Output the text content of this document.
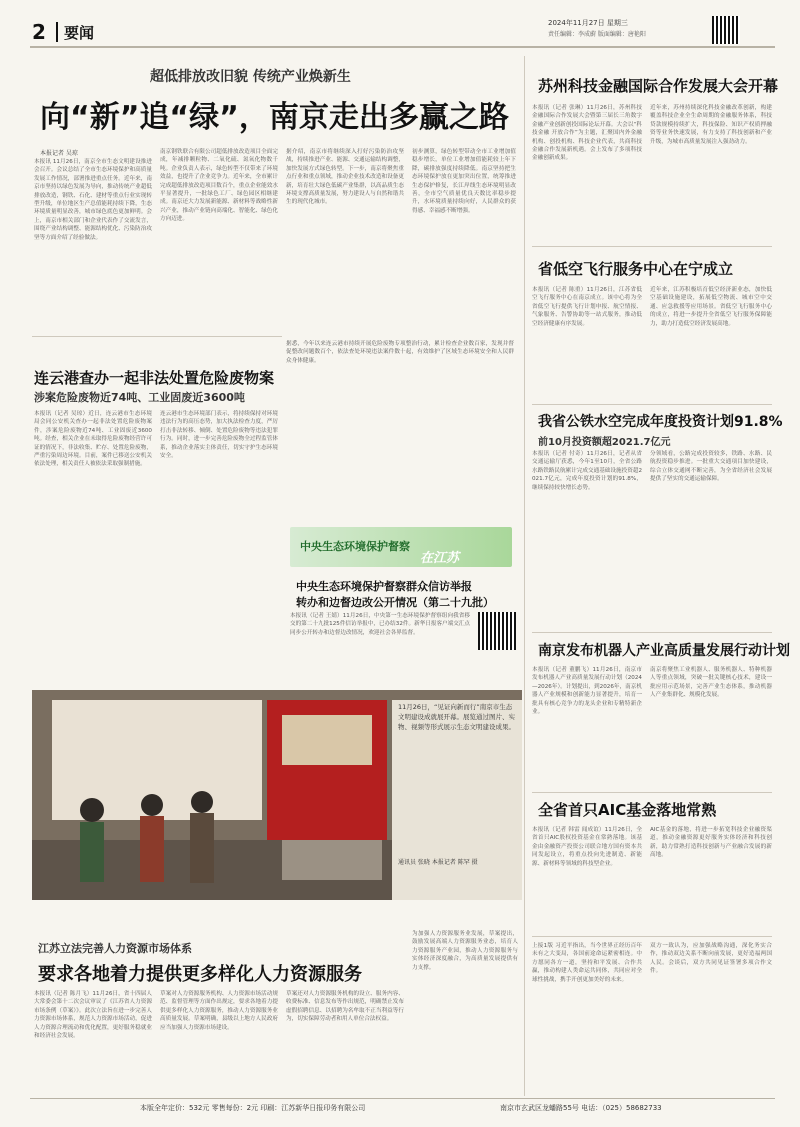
2 要闻
2024年11月27日 星期三
责任编辑：李成蔚 版面编辑：唐艳阳
超低排放改旧貌 传统产业焕新生
向“新”追“绿”，南京走出多赢之路
本报记者 吴琼
本报讯 11月26日，南京全市生态文明建设推进会召开。会议总结了全市生态环境保护和高质量发展工作情况，部署推进重点任务。近年来，南京市坚持以绿色发展为导向，推动传统产业超低排放改造，钢铁、石化、建材等重点行业实现转型升级，单位地区生产总值能耗持续下降，生态环境质量明显改善，城市绿色底色更加鲜明。会上，南京市相关部门和企业代表作了交流发言，围绕产业结构调整、能源结构优化、污染防治攻坚等方面介绍了经验做法。
南京钢铁联合有限公司超低排放改造项目全面完成，年减排颗粒物、二氧化硫、氮氧化物数千吨。企业负责人表示，绿色转型不仅带来了环境效益，也提升了企业竞争力。近年来，全市累计完成超低排放改造项目数百个，重点企业能效水平显著提升，一批绿色工厂、绿色园区相继建成。南京还大力发展新能源、新材料等战略性新兴产业，推动产业链向高端化、智能化、绿色化方向迈进。
据介绍，南京市将继续深入打好污染防治攻坚战，持续推进产业、能源、交通运输结构调整，加快发展方式绿色转型。下一步，南京将聚焦重点行业和重点领域，推动企业技术改造和设备更新，培育壮大绿色低碳产业集群，以高品质生态环境支撑高质量发展，努力建设人与自然和谐共生的现代化城市。
初步测算，绿色转型带动全市工业增加值稳步增长，单位工业增加值能耗较上年下降，碳排放强度持续降低。南京坚持把生态环境保护放在更加突出位置，统筹推进生态保护修复，长江岸线生态环境明显改善，全市空气质量优良天数比率稳步提升，水环境质量持续向好，人民群众的获得感、幸福感不断增强。
连云港查办一起非法处置危险废物案
涉案危险废物近74吨、工业固废近3600吨
本报讯（记者 吴琼）近日，连云港市生态环境局会同公安机关查办一起非法处置危险废物案件，涉案危险废物近74吨、工业固废近3600吨。经查，相关企业在未取得危险废物经营许可证的情况下，非法收集、贮存、处置危险废物，严重污染周边环境。目前，案件已移送公安机关依法处理，相关责任人被依法采取强制措施。
连云港市生态环境部门表示，将持续保持对环境违法行为的高压态势，加大执法检查力度，严厉打击非法转移、倾倒、处置危险废物等违法犯罪行为。同时，进一步完善危险废物全过程监管体系，推动企业落实主体责任，切实守护生态环境安全。
据悉，今年以来连云港市持续开展危险废物专项整治行动，累计检查企业数百家，发现并督促整改问题数百个，依法查处环境违法案件数十起，有效维护了区域生态环境安全和人民群众身体健康。
中央生态环境保护督察
在江苏
中央生态环境保护督察群众信访举报
转办和边督边改公开情况（第二十九批）
本报讯（记者 王婧）11月26日，中央第一生态环境保护督察组向我省移交的第二十九批125件信访举报中，已办结32件。新华日报客户端交汇点同步公开转办和边督边改情况，欢迎社会各界监督。
11月26日，“见证向新而行”南京市生态文明建设成就展开幕。展览通过图片、实物、视频等形式展示生态文明建设成果。
通讯员 张晓 本报记者 陈罕 摄
江苏立法完善人力资源市场体系
要求各地着力提供更多样化人力资源服务
本报讯（记者 陈月飞）11月26日，省十四届人大常委会第十二次会议审议了《江苏省人力资源市场条例（草案）》。此次立法旨在进一步完善人力资源市场体系，规范人力资源市场活动，促进人力资源合理流动和优化配置，更好服务稳就业和经济社会发展。
草案对人力资源服务机构、人力资源市场活动规范、监督管理等方面作出规定，要求各地着力提供更多样化人力资源服务，推动人力资源服务业高质量发展。草案明确，县级以上地方人民政府应当加强人力资源市场建设。
草案还对人力资源服务机构的设立、服务内容、收费标准、信息发布等作出规范，明确禁止发布虚假招聘信息、以招聘为名牟取不正当利益等行为，切实保障劳动者和用人单位合法权益。
为加强人力资源服务业发展，草案提出，鼓励发展高端人力资源服务业态，培育人力资源服务产业园，推动人力资源服务与实体经济深度融合，为高质量发展提供有力支撑。
苏州科技金融国际合作发展大会开幕
本报讯（记者 张琳）11月26日，苏州科技金融国际合作发展大会暨第三届长三角数字金融产业创新创投国际论坛开幕。大会以“科技金融 开放合作”为主题，汇聚国内外金融机构、创投机构、科技企业代表，共商科技金融合作发展新机遇。会上发布了多项科技金融创新成果。
近年来，苏州持续深化科技金融改革创新，构建覆盖科技企业全生命周期的金融服务体系，科技贷款规模持续扩大，科技保险、知识产权质押融资等业务快速发展，有力支持了科技创新和产业升级，为城市高质量发展注入强劲动力。
省低空飞行服务中心在宁成立
本报讯（记者 陈重）11月26日，江苏省低空飞行服务中心在南京成立。该中心将为全省低空飞行提供飞行计划申报、航空情报、气象服务、告警协助等一站式服务，推动低空经济健康有序发展。
近年来，江苏积极培育低空经济新业态，加快低空基础设施建设，拓展低空物流、城市空中交通、应急救援等应用场景。省低空飞行服务中心的成立，将进一步提升全省低空飞行服务保障能力，助力打造低空经济发展高地。
我省公铁水空完成年度投资计划91.8%
前10月投资额超2021.7亿元
本报讯（记者 付奇）11月26日，记者从省交通运输厅获悉，今年1至10月，全省公路水路铁路民航累计完成交通基础设施投资超2021.7亿元，完成年度投资计划的91.8%，继续保持较快增长态势。
分领域看，公路完成投资较多，铁路、水路、民航投资稳步推进。一批重大交通项目加快建设，综合立体交通网不断完善，为全省经济社会发展提供了坚实的交通运输保障。
南京发布机器人产业高质量发展行动计划
本报讯（记者 董鹏飞）11月26日，南京市发布机器人产业高质量发展行动计划（2024—2026年）。计划提出，到2026年，南京机器人产业规模和创新能力显著提升，培育一批具有核心竞争力的龙头企业和专精特新企业。
南京将聚焦工业机器人、服务机器人、特种机器人等重点领域，突破一批关键核心技术，建设一批应用示范场景，完善产业生态体系，推动机器人产业集群化、规模化发展。
全省首只AIC基金落地常熟
本报讯（记者 韩雷 闻成谊）11月26日，全省首只AIC股权投资基金在常熟落地。该基金由金融资产投资公司联合地方国有资本共同发起设立，将重点投向先进制造、新能源、新材料等领域的科技型企业。
AIC基金的落地，将进一步拓宽科技企业融资渠道，推动金融资源更好服务实体经济和科技创新，助力常熟打造科技创新与产业融合发展的新高地。
上接1版 习近平指出，当今世界正经历百年未有之大变局，各国前途命运紧密相连。中方愿同各方一道，坚持和平发展、合作共赢，推动构建人类命运共同体，共同应对全球性挑战，携手开创更加美好的未来。
双方一致认为，应加强战略沟通，深化务实合作，推动双边关系不断向前发展，更好造福两国人民。会谈后，双方共同见证签署多项合作文件。
本版全年定价：532元 零售每份：2元 印刷：江苏新华日报印务有限公司	南京市玄武区龙蟠路55号 电话：（025）58682733
